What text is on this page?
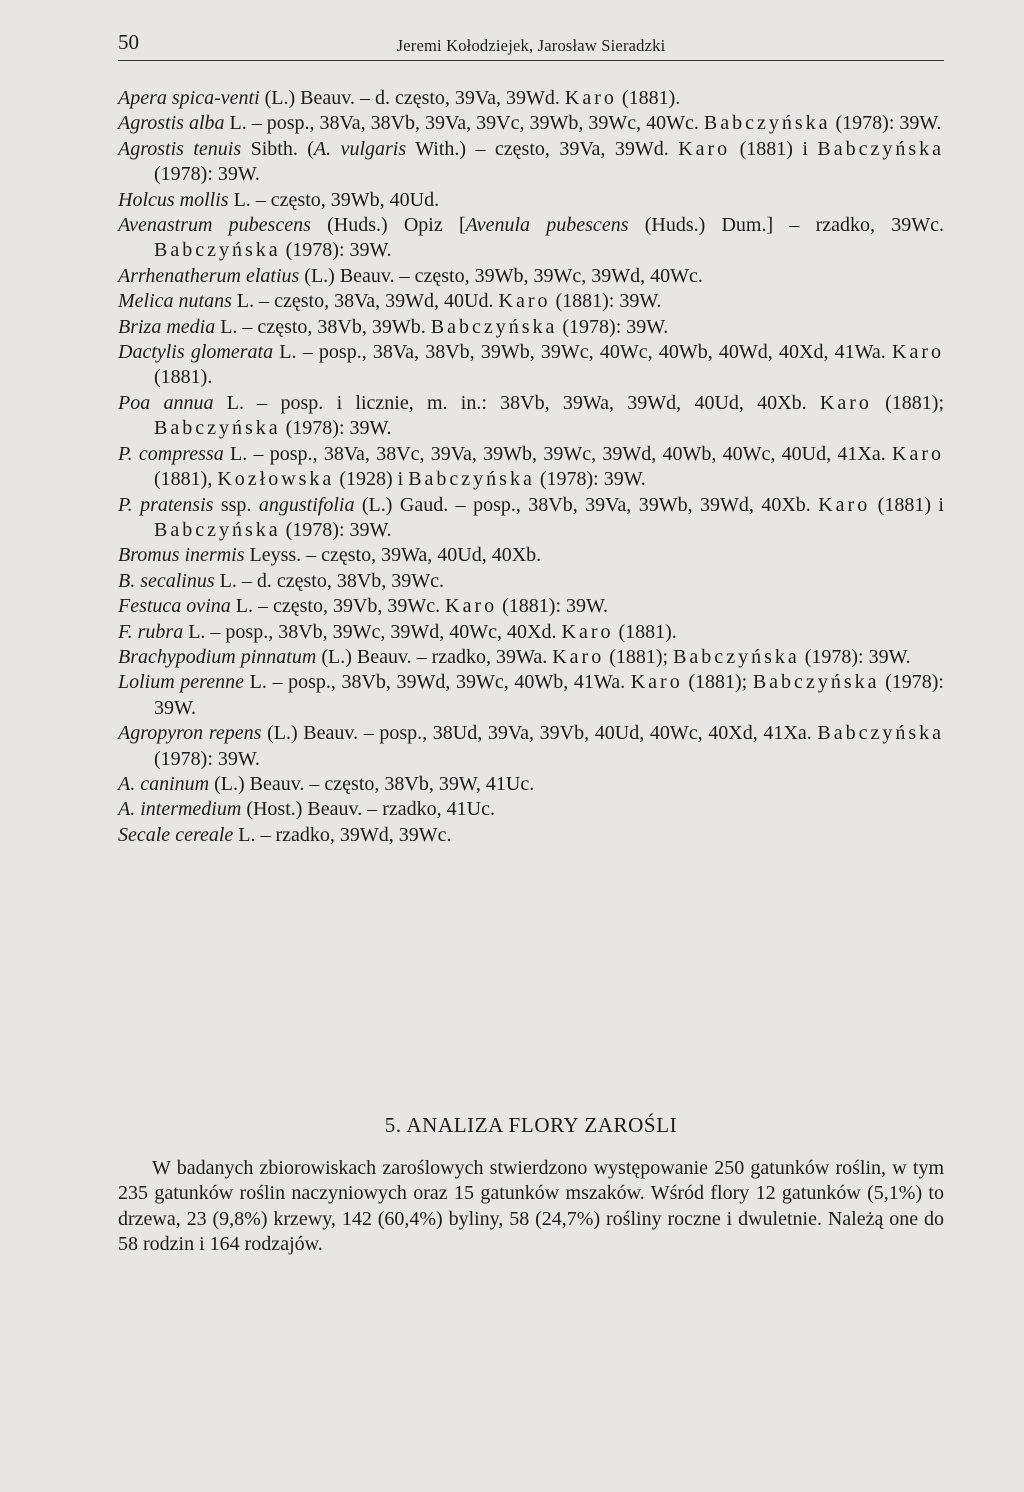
50	Jeremi Kołodziejek, Jarosław Sieradzki
Apera spica-venti (L.) Beauv. – d. często, 39Va, 39Wd. Karo (1881).
Agrostis alba L. – posp., 38Va, 38Vb, 39Va, 39Vc, 39Wb, 39Wc, 40Wc. Babczyńska (1978): 39W.
Agrostis tenuis Sibth. (A. vulgaris With.) – często, 39Va, 39Wd. Karo (1881) i Babczyńska (1978): 39W.
Holcus mollis L. – często, 39Wb, 40Ud.
Avenastrum pubescens (Huds.) Opiz [Avenula pubescens (Huds.) Dum.] – rzadko, 39Wc. Babczyńska (1978): 39W.
Arrhenatherum elatius (L.) Beauv. – często, 39Wb, 39Wc, 39Wd, 40Wc.
Melica nutans L. – często, 38Va, 39Wd, 40Ud. Karo (1881): 39W.
Briza media L. – często, 38Vb, 39Wb. Babczyńska (1978): 39W.
Dactylis glomerata L. – posp., 38Va, 38Vb, 39Wb, 39Wc, 40Wc, 40Wb, 40Wd, 40Xd, 41Wa. Karo (1881).
Poa annua L. – posp. i licznie, m. in.: 38Vb, 39Wa, 39Wd, 40Ud, 40Xb. Karo (1881); Babczyńska (1978): 39W.
P. compressa L. – posp., 38Va, 38Vc, 39Va, 39Wb, 39Wc, 39Wd, 40Wb, 40Wc, 40Ud, 41Xa. Karo (1881), Kozłowska (1928) i Babczyńska (1978): 39W.
P. pratensis ssp. angustifolia (L.) Gaud. – posp., 38Vb, 39Va, 39Wb, 39Wd, 40Xb. Karo (1881) i Babczyńska (1978): 39W.
Bromus inermis Leyss. – często, 39Wa, 40Ud, 40Xb.
B. secalinus L. – d. często, 38Vb, 39Wc.
Festuca ovina L. – często, 39Vb, 39Wc. Karo (1881): 39W.
F. rubra L. – posp., 38Vb, 39Wc, 39Wd, 40Wc, 40Xd. Karo (1881).
Brachypodium pinnatum (L.) Beauv. – rzadko, 39Wa. Karo (1881); Babczyńska (1978): 39W.
Lolium perenne L. – posp., 38Vb, 39Wd, 39Wc, 40Wb, 41Wa. Karo (1881); Babczyńska (1978): 39W.
Agropyron repens (L.) Beauv. – posp., 38Ud, 39Va, 39Vb, 40Ud, 40Wc, 40Xd, 41Xa. Babczyńska (1978): 39W.
A. caninum (L.) Beauv. – często, 38Vb, 39W, 41Uc.
A. intermedium (Host.) Beauv. – rzadko, 41Uc.
Secale cereale L. – rzadko, 39Wd, 39Wc.
5. ANALIZA FLORY ZAROŚLI

W badanych zbiorowiskach zaroślowych stwierdzono występowanie 250 gatunków roślin, w tym 235 gatunków roślin naczyniowych oraz 15 gatunków mszaków. Wśród flory 12 gatunków (5,1%) to drzewa, 23 (9,8%) krzewy, 142 (60,4%) byliny, 58 (24,7%) rośliny roczne i dwuletnie. Należą one do 58 rodzin i 164 rodzajów.
